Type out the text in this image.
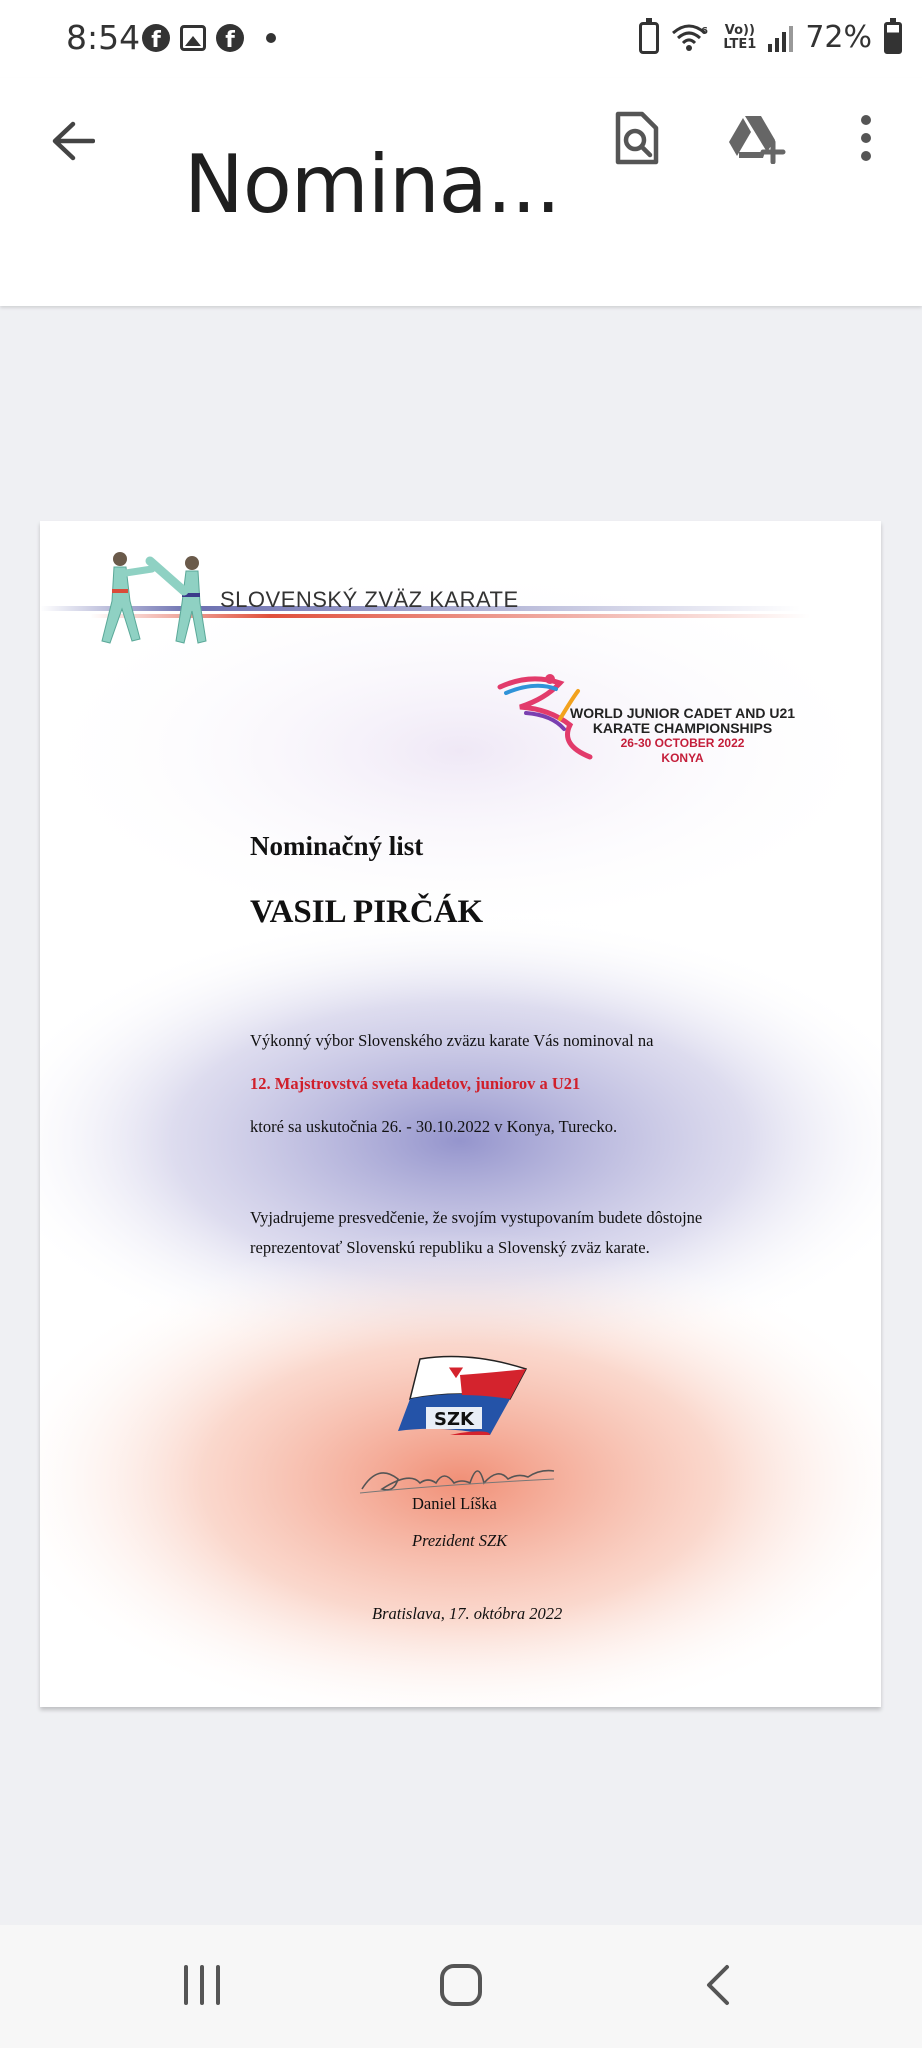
8:54 f	f	6 Vo))
LTE1 72%
Nomina...
SLOVENSKÝ ZVÄZ KARATE
WORLD JUNIOR CADET AND U21
KARATE CHAMPIONSHIPS
26-30 OCTOBER 2022
KONYA
Nominačný list
VASIL PIRČÁK
Výkonný výbor Slovenského zväzu karate Vás nominoval na
12. Majstrovstvá sveta kadetov, juniorov a U21
ktoré sa uskutočnia 26. - 30.10.2022 v Konya, Turecko.
Vyjadrujeme presvedčenie, že svojím vystupovaním budete dôstojne reprezentovať Slovenskú republiku a Slovenský zväz karate.
SZK
Daniel Líška
Prezident SZK
Bratislava, 17. októbra 2022
